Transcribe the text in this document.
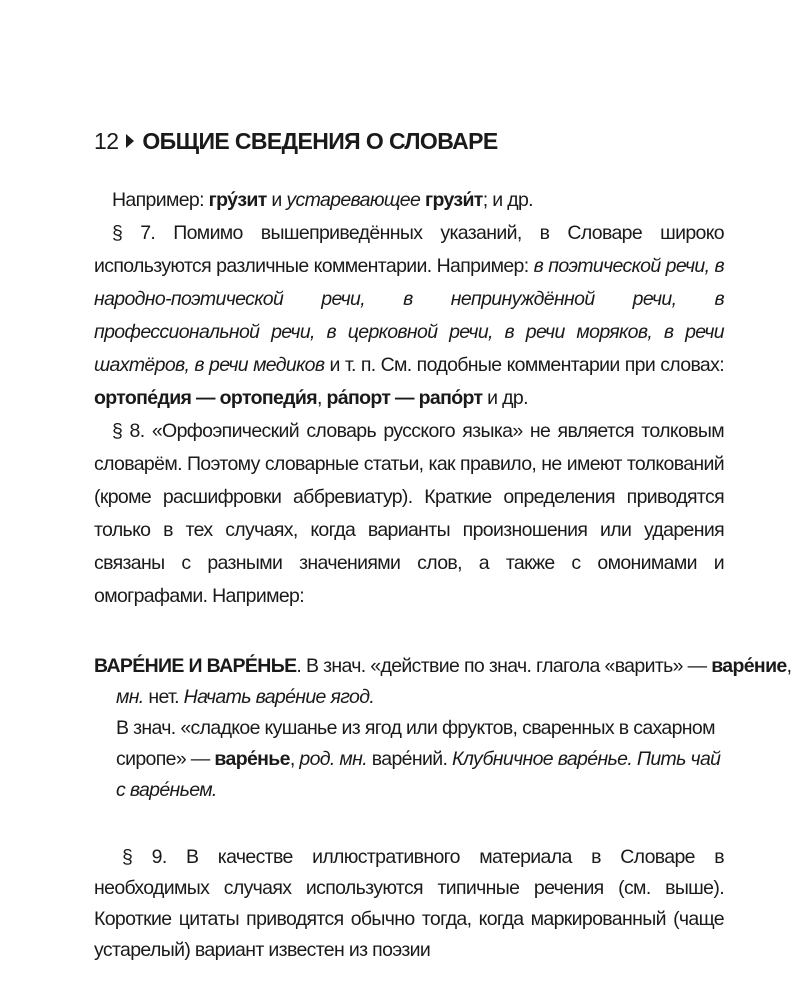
12 ОБЩИЕ СВЕДЕНИЯ О СЛОВАРЕ

Например: гру́зит и устаревающее грузи́т; и др.

§ 7. Помимо вышеприведённых указаний, в Словаре широко используются различные комментарии. Например: в поэтической речи, в народно-поэтической речи, в непринуждённой речи, в профессиональной речи, в церковной речи, в речи моряков, в речи шахтёров, в речи медиков и т. п. См. подобные комментарии при словах: ортопе́дия — ортопеди́я, ра́порт — рапо́рт и др.

§ 8. «Орфоэпический словарь русского языка» не является толковым словарём. Поэтому словарные статьи, как правило, не имеют толкований (кроме расшифровки аббревиатур). Краткие определения приводятся только в тех случаях, когда варианты произношения или ударения связаны с разными значениями слов, а также с омонимами и омографами. Например:

ВАРЕ́НИЕ И ВАРЕ́НЬЕ. В знач. «действие по знач. глагола «варить» — варе́ние,
мн. нет. Начать варе́ние ягод.
В знач. «сладкое кушанье из ягод или фруктов, сваренных в сахарном
сиропе» — варе́нье, род. мн. варе́ний. Клубничное варе́нье. Пить чай
с варе́ньем.

§ 9. В качестве иллюстративного материала в Словаре в необходимых случаях используются типичные речения (см. выше). Короткие цитаты приводятся обычно тогда, когда маркированный (чаще устарелый) вариант известен из поэзии
